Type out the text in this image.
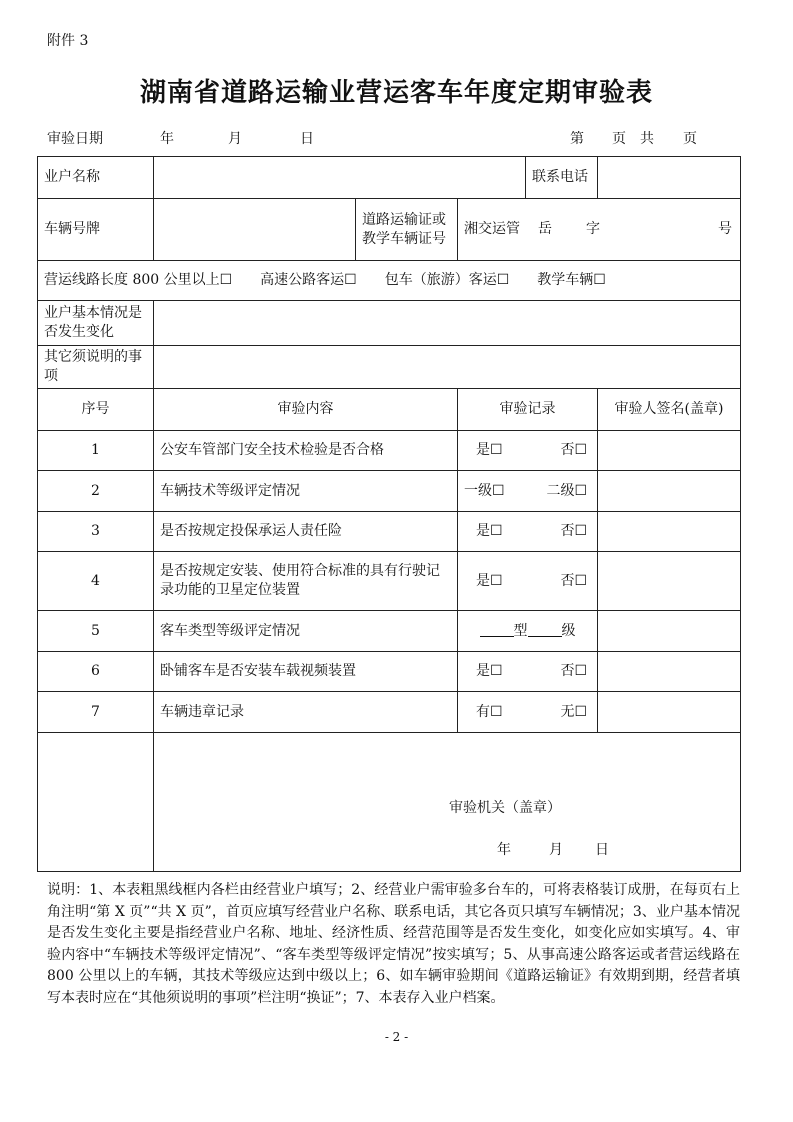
附件 3
湖南省道路运输业营运客车年度定期审验表
审验日期	年	月	日	第 页 共 页
业户名称				联系电话	
车辆号牌		道路运输证或教学车辆证号	湘交运管 岳 字 号		

营运线路长度 800 公里以上☐　　高速公路客运☐　　包车（旅游）客运☐　　教学车辆☐					
业户基本情况是否发生变化					
其它须说明的事项					
序号	审验内容		审验记录		审验人签名(盖章)
1	公安车管部门安全技术检验是否合格		是☐ 否☐		

2	车辆技术等级评定情况		一级☐ 二级☐		

3	是否按规定投保承运人责任险		是☐ 否☐		

4	是否按规定安装、使用符合标准的具有行驶记录功能的卫星定位装置		是☐ 否☐		

5	客车类型等级评定情况		型 级		
6	卧铺客车是否安装车载视频装置		是☐ 否☐		

7	车辆违章记录		有☐ 无☐		

	审验机关（盖章）
年 月 日				
说明：1、本表粗黑线框内各栏由经营业户填写；2、经营业户需审验多台车的，可将表格装订成册，在每页右上角注明“第 X 页”“共 X 页”，首页应填写经营业户名称、联系电话，其它各页只填写车辆情况；3、业户基本情况是否发生变化主要是指经营业户名称、地址、经济性质、经营范围等是否发生变化，如变化应如实填写。4、审验内容中“车辆技术等级评定情况”、“客车类型等级评定情况”按实填写；5、从事高速公路客运或者营运线路在 800 公里以上的车辆，其技术等级应达到中级以上；6、如车辆审验期间《道路运输证》有效期到期，经营者填写本表时应在“其他须说明的事项”栏注明“换证”；7、本表存入业户档案。
- 2 -
